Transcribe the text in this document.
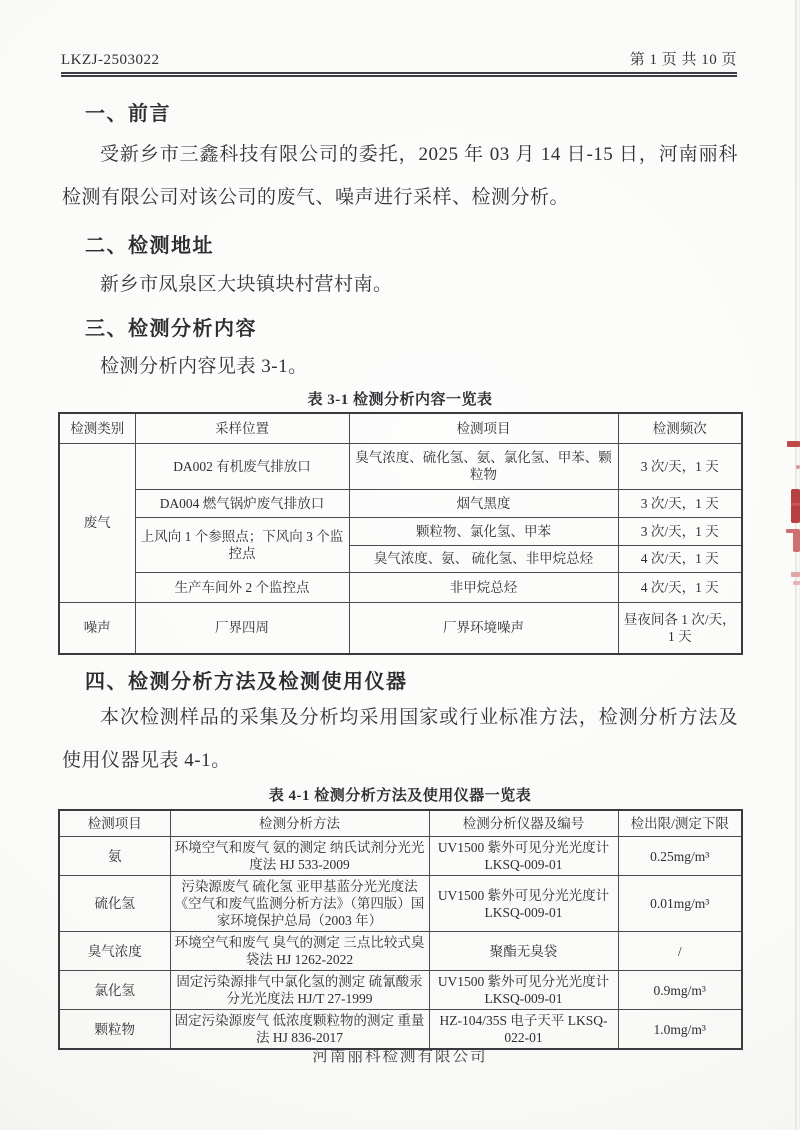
LKZJ-2503022	第 1 页 共 10 页
一、前言
受新乡市三鑫科技有限公司的委托，2025 年 03 月 14 日-15 日，河南丽科检测有限公司对该公司的废气、噪声进行采样、检测分析。
二、检测地址
新乡市凤泉区大块镇块村营村南。
三、检测分析内容
检测分析内容见表 3-1。
表 3-1 检测分析内容一览表
检测类别	采样位置	检测项目	检测频次
废气	DA002 有机废气排放口	臭气浓度、硫化氢、氨、氯化氢、甲苯、颗粒物	3 次/天，1 天
	DA004 燃气锅炉废气排放口	烟气黑度	3 次/天，1 天
	上风向 1 个参照点；下风向 3 个监控点	颗粒物、氯化氢、甲苯	3 次/天，1 天
		臭气浓度、氨、 硫化氢、非甲烷总烃	4 次/天，1 天
	生产车间外 2 个监控点	非甲烷总烃	4 次/天，1 天
噪声	厂界四周	厂界环境噪声	昼夜间各 1 次/天，1 天
四、检测分析方法及检测使用仪器
本次检测样品的采集及分析均采用国家或行业标准方法，检测分析方法及使用仪器见表 4-1。
表 4-1 检测分析方法及使用仪器一览表
检测项目	检测分析方法	检测分析仪器及编号	检出限/测定下限
氨	环境空气和废气 氨的测定 纳氏试剂分光光度法 HJ 533-2009	UV1500 紫外可见分光光度计 LKSQ-009-01	0.25mg/m³
硫化氢	污染源废气 硫化氢 亚甲基蓝分光光度法《空气和废气监测分析方法》（第四版）国家环境保护总局（2003 年）	UV1500 紫外可见分光光度计 LKSQ-009-01	0.01mg/m³
臭气浓度	环境空气和废气 臭气的测定 三点比较式臭袋法 HJ 1262-2022	聚酯无臭袋	/
氯化氢	固定污染源排气中氯化氢的测定 硫氰酸汞分光光度法 HJ/T 27-1999	UV1500 紫外可见分光光度计 LKSQ-009-01	0.9mg/m³
颗粒物	固定污染源废气 低浓度颗粒物的测定 重量法 HJ 836-2017	HZ-104/35S 电子天平 LKSQ-022-01	1.0mg/m³
河南丽科检测有限公司
